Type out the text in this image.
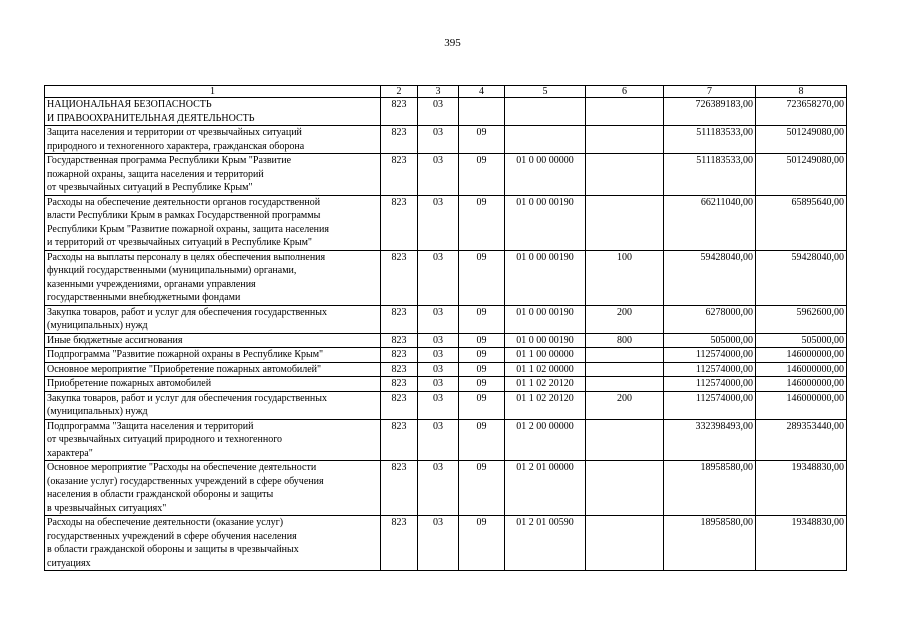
395
1	2	3	4	5	6	7	8
НАЦИОНАЛЬНАЯ БЕЗОПАСНОСТЬ
И ПРАВООХРАНИТЕЛЬНАЯ ДЕЯТЕЛЬНОСТЬ	823	03				726389183,00	723658270,00
Защита населения и территории от чрезвычайных ситуаций
природного и техногенного характера, гражданская оборона	823	03	09			511183533,00	501249080,00
Государственная программа Республики Крым "Развитие
пожарной охраны, защита населения и территорий
от чрезвычайных ситуаций в Республике Крым"	823	03	09	01 0 00 00000		511183533,00	501249080,00
Расходы на обеспечение деятельности органов государственной
власти Республики Крым в рамках Государственной программы
Республики Крым "Развитие пожарной охраны, защита населения
и территорий от чрезвычайных ситуаций в Республике Крым"	823	03	09	01 0 00 00190		66211040,00	65895640,00
Расходы на выплаты персоналу в целях обеспечения выполнения
функций государственными (муниципальными) органами,
казенными учреждениями, органами управления
государственными внебюджетными фондами	823	03	09	01 0 00 00190	100	59428040,00	59428040,00
Закупка товаров, работ и услуг для обеспечения государственных
(муниципальных) нужд	823	03	09	01 0 00 00190	200	6278000,00	5962600,00
Иные бюджетные ассигнования	823	03	09	01 0 00 00190	800	505000,00	505000,00
Подпрограмма "Развитие пожарной охраны в Республике Крым"	823	03	09	01 1 00 00000		112574000,00	146000000,00
Основное мероприятие "Приобретение пожарных автомобилей"	823	03	09	01 1 02 00000		112574000,00	146000000,00
Приобретение пожарных автомобилей	823	03	09	01 1 02 20120		112574000,00	146000000,00
Закупка товаров, работ и услуг для обеспечения государственных
(муниципальных) нужд	823	03	09	01 1 02 20120	200	112574000,00	146000000,00
Подпрограмма "Защита населения и территорий
от чрезвычайных ситуаций природного и техногенного
характера"	823	03	09	01 2 00 00000		332398493,00	289353440,00
Основное мероприятие "Расходы на обеспечение деятельности
(оказание услуг) государственных учреждений в сфере обучения
населения в области гражданской обороны и защиты
в чрезвычайных ситуациях"	823	03	09	01 2 01 00000		18958580,00	19348830,00
Расходы на обеспечение деятельности (оказание услуг)
государственных учреждений в сфере обучения населения
в области гражданской обороны и защиты в чрезвычайных
ситуациях	823	03	09	01 2 01 00590		18958580,00	19348830,00
